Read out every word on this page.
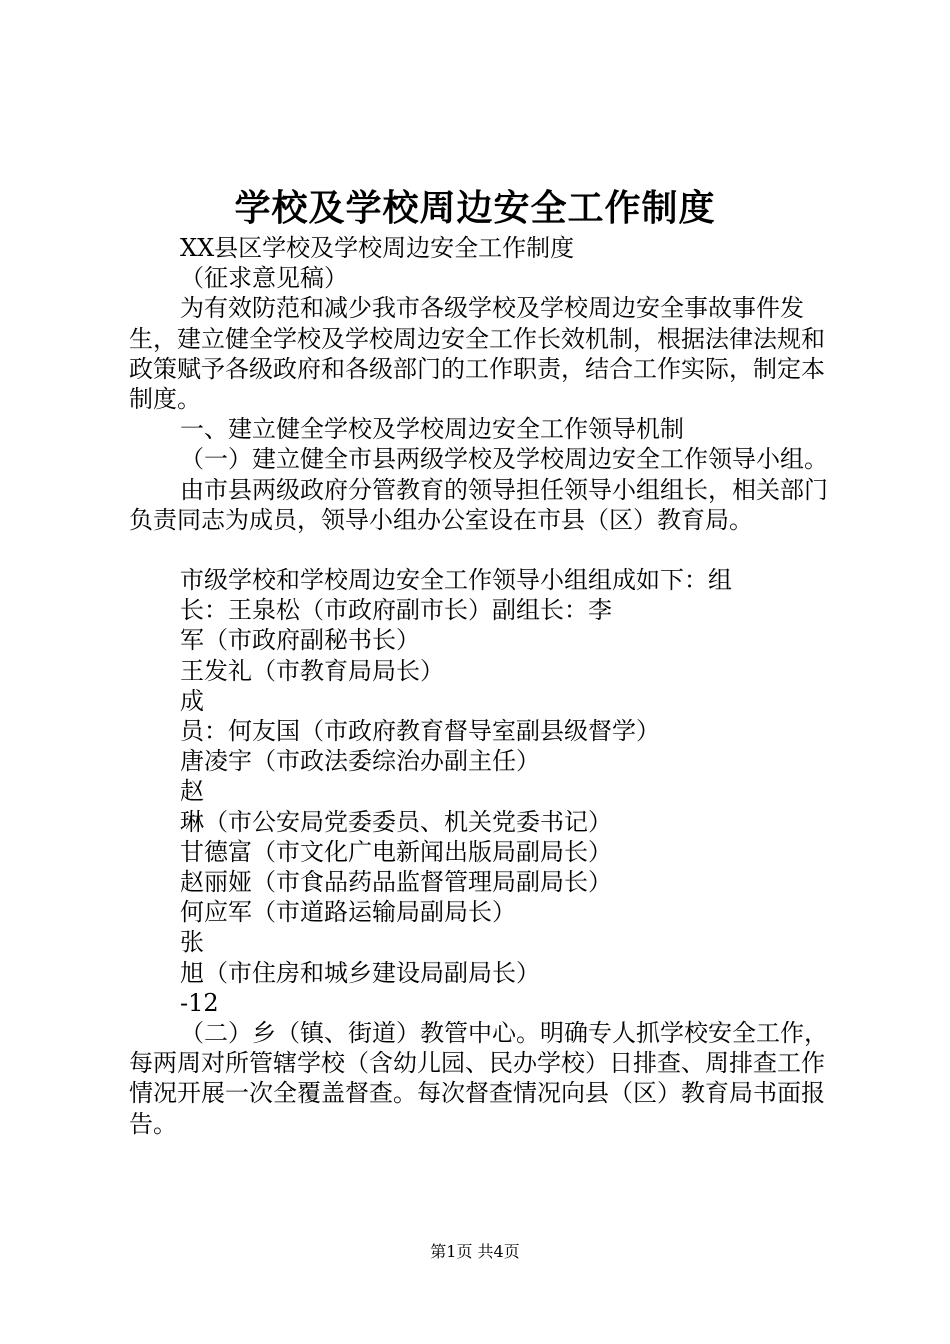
学校及学校周边安全工作制度

XX县区学校及学校周边安全工作制度

（征求意见稿）

为有效防范和减少我市各级学校及学校周边安全事故事件发生，建立健全学校及学校周边安全工作长效机制，根据法律法规和政策赋予各级政府和各级部门的工作职责，结合工作实际，制定本制度。

一、建立健全学校及学校周边安全工作领导机制

（一）建立健全市县两级学校及学校周边安全工作领导小组。

由市县两级政府分管教育的领导担任领导小组组长，相关部门负责同志为成员，领导小组办公室设在市县（区）教育局。

市级学校和学校周边安全工作领导小组组成如下：组

长：王泉松（市政府副市长）副组长：李

军（市政府副秘书长）

王发礼（市教育局局长）

成

员：何友国（市政府教育督导室副县级督学）

唐凌宇（市政法委综治办副主任）

赵

琳（市公安局党委委员、机关党委书记）

甘德富（市文化广电新闻出版局副局长）

赵丽娅（市食品药品监督管理局副局长）

何应军（市道路运输局副局长）

张

旭（市住房和城乡建设局副局长）

-12

（二）乡（镇、街道）教管中心。明确专人抓学校安全工作，每两周对所管辖学校（含幼儿园、民办学校）日排查、周排查工作情况开展一次全覆盖督查。每次督查情况向县（区）教育局书面报告。

第1页 共4页
